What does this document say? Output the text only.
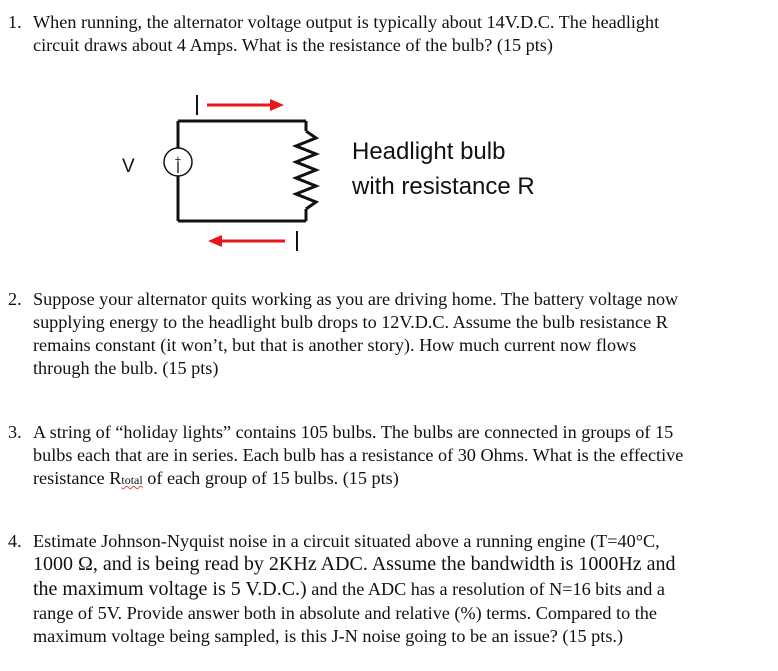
1. When running, the alternator voltage output is typically about 14V.D.C. The headlight
circuit draws about 4 Amps. What is the resistance of the bulb? (15 pts)
+
V
Headlight bulb
with resistance R
2. Suppose your alternator quits working as you are driving home. The battery voltage now
supplying energy to the headlight bulb drops to 12V.D.C. Assume the bulb resistance R
remains constant (it won’t, but that is another story). How much current now flows
through the bulb. (15 pts)
3. A string of “holiday lights” contains 105 bulbs. The bulbs are connected in groups of 15
bulbs each that are in series. Each bulb has a resistance of 30 Ohms. What is the effective
resistance Rtotal of each group of 15 bulbs. (15 pts)
4. Estimate Johnson-Nyquist noise in a circuit situated above a running engine (T=40°C,
1000 Ω, and is being read by 2KHz ADC. Assume the bandwidth is 1000Hz and
the maximum voltage is 5 V.D.C.) and the ADC has a resolution of N=16 bits and a
range of 5V. Provide answer both in absolute and relative (%) terms. Compared to the
maximum voltage being sampled, is this J-N noise going to be an issue? (15 pts.)
